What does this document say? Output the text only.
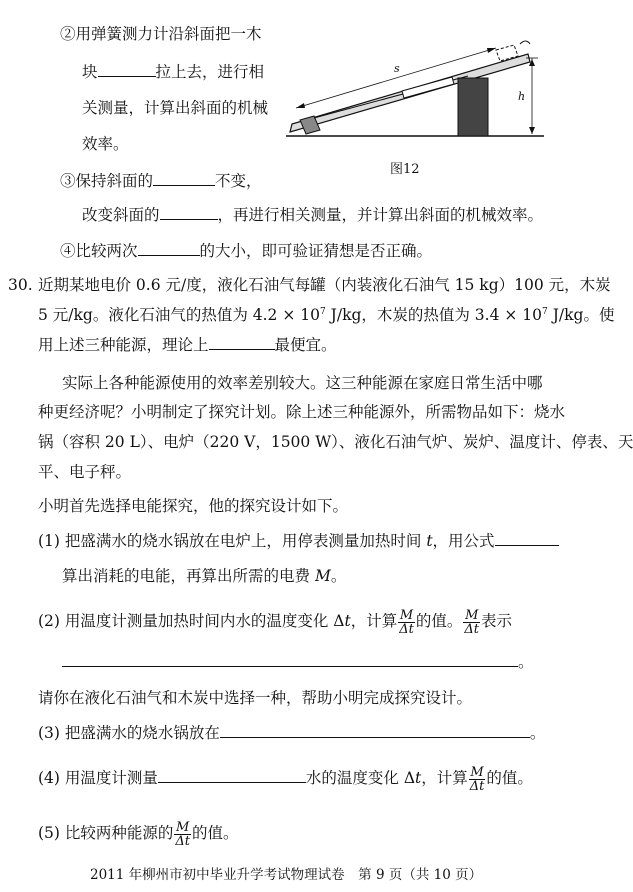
s
h
图12
②用弹簧测力计沿斜面把一木
块	拉上去，进行相
关测量，计算出斜面的机械
效率。
③保持斜面的	不变，
改变斜面的	，再进行相关测量，并计算出斜面的机械效率。
④比较两次	的大小，即可验证猜想是否正确。
30. 近期某地电价 0.6 元/度，液化石油气每罐（内装液化石油气 15 kg）100 元，木炭
5 元/kg。液化石油气的热值为 $4.2 \times 10^7$ J/kg，木炭的热值为 $3.4 \times 10^7$ J/kg。使
用上述三种能源，理论上	最便宜。
实际上各种能源使用的效率差别较大。这三种能源在家庭日常生活中哪
种更经济呢？小明制定了探究计划。除上述三种能源外，所需物品如下：烧水
锅（容积 20 L）、电炉（220 V，1500 W）、液化石油气炉、炭炉、温度计、停表、天
平、电子秤。
小明首先选择电能探究，他的探究设计如下。
(1) 把盛满水的烧水锅放在电炉上，用停表测量加热时间 t，用公式
算出消耗的电能，再算出所需的电费 M。
(2) 用温度计测量加热时间内水的温度变化 Δt，计算 $\frac{M}{\Delta t}$ 的值。 $\frac{M}{\Delta t}$ 表示
。
请你在液化石油气和木炭中选择一种，帮助小明完成探究设计。
(3) 把盛满水的烧水锅放在	。
(4) 用温度计测量	水的温度变化 Δt，计算 $\frac{M}{\Delta t}$ 的值。
(5) 比较两种能源的 $\frac{M}{\Delta t}$ 的值。
2011 年柳州市初中毕业升学考试物理试卷　第 9 页（共 10 页）
